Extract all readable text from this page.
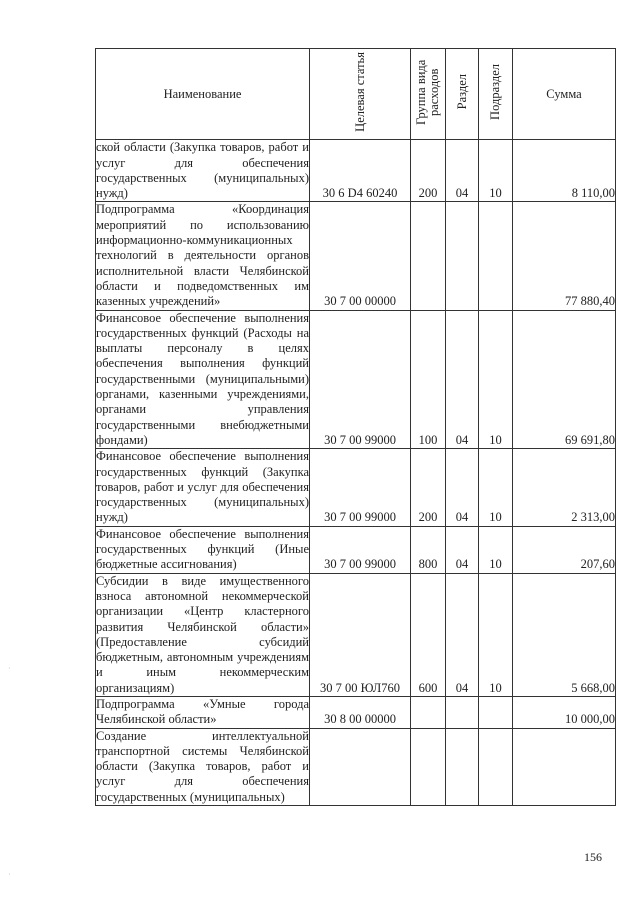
Наименование	Целевая статья	Группа вида расходов	Раздел	Подраздел	Сумма
ской области (Закупка товаров, работ и услуг для обеспечения государственных (муниципальных) нужд)	30 6 D4 60240	200	04	10	8 110,00
Подпрограмма «Координация мероприятий по использованию информационно-коммуникационных технологий в деятельности органов исполнительной власти Челябинской области и подведомственных им казенных учреждений»	30 7 00 00000				77 880,40
Финансовое обеспечение выполнения государственных функций (Расходы на выплаты персоналу в целях обеспечения выполнения функций государственными (муниципальными) органами, казенными учреждениями, органами управления государственными внебюджетными фондами)	30 7 00 99000	100	04	10	69 691,80
Финансовое обеспечение выполнения государственных функций (Закупка товаров, работ и услуг для обеспечения государственных (муниципальных) нужд)	30 7 00 99000	200	04	10	2 313,00
Финансовое обеспечение выполнения государственных функций (Иные бюджетные ассигнования)	30 7 00 99000	800	04	10	207,60
Субсидии в виде имущественного взноса автономной некоммерческой организации «Центр кластерного развития Челябинской области» (Предоставление субсидий бюджетным, автономным учреждениям и иным некоммерческим организациям)	30 7 00 ЮЛ760	600	04	10	5 668,00
Подпрограмма «Умные города Челябинской области»	30 8 00 00000				10 000,00
Создание интеллектуальной транспортной системы Челябинской области (Закупка товаров, работ и услуг для обеспечения государственных (муниципальных)					
156
·
·
